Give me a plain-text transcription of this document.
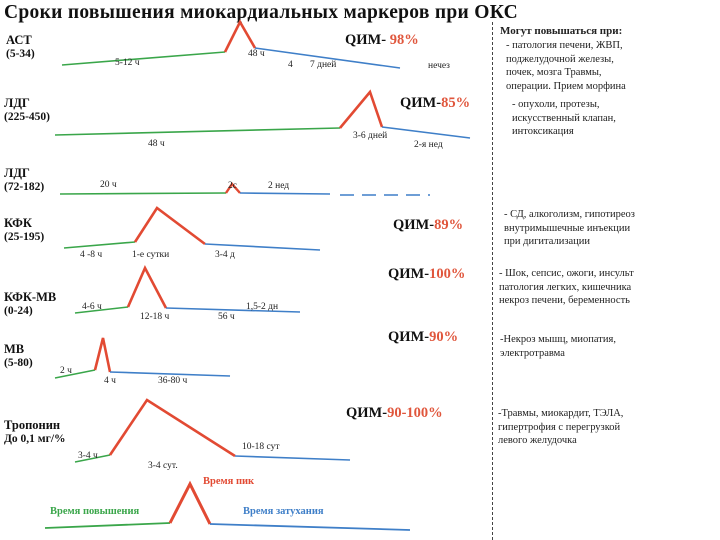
Сроки повышения миокардиальных маркеров при ОКС
Могут повышаться при:
АСТ
(5-34)
ЛДГ
(225-450)
ЛДГ
(72-182)
КФК
(25-195)
КФК-МВ
(0-24)
МВ
(5-80)
Тропонин
До 0,1 мг/%
QИМ- 98%
QИМ-85%
QИМ-89%
QИМ-100%
QИМ-90%
QИМ-90-100%
- патология печени, ЖВП,
поджелудочной железы,
почек, мозга Травмы,
операции. Прием морфина
- опухоли, протезы,
искусственный клапан,
интоксикация
- СД, алкоголизм, гипотиреоз
внутримышечные инъекции
при дигитализации
- Шок, сепсис, ожоги, инсульт
патология легких, кишечника
некроз печени, беременность
-Некроз мышц, миопатия,
электротравма
-Травмы, миокардит, ТЭЛА,
гипертрофия с перегрузкой
левого желудочка
5-12 ч
48 ч
4 7 дней	нечез
48 ч
3-6 дней
2-я нед
20 ч	2с	2 нед
4 -8 ч	1-е сутки	3-4 д
4-6 ч
12-18 ч	56 ч
1,5-2 дн
2 ч
4 ч	36-80 ч
3-4 ч
3-4 сут.
10-18 сут
Время повышения
Время пик
Время затухания
